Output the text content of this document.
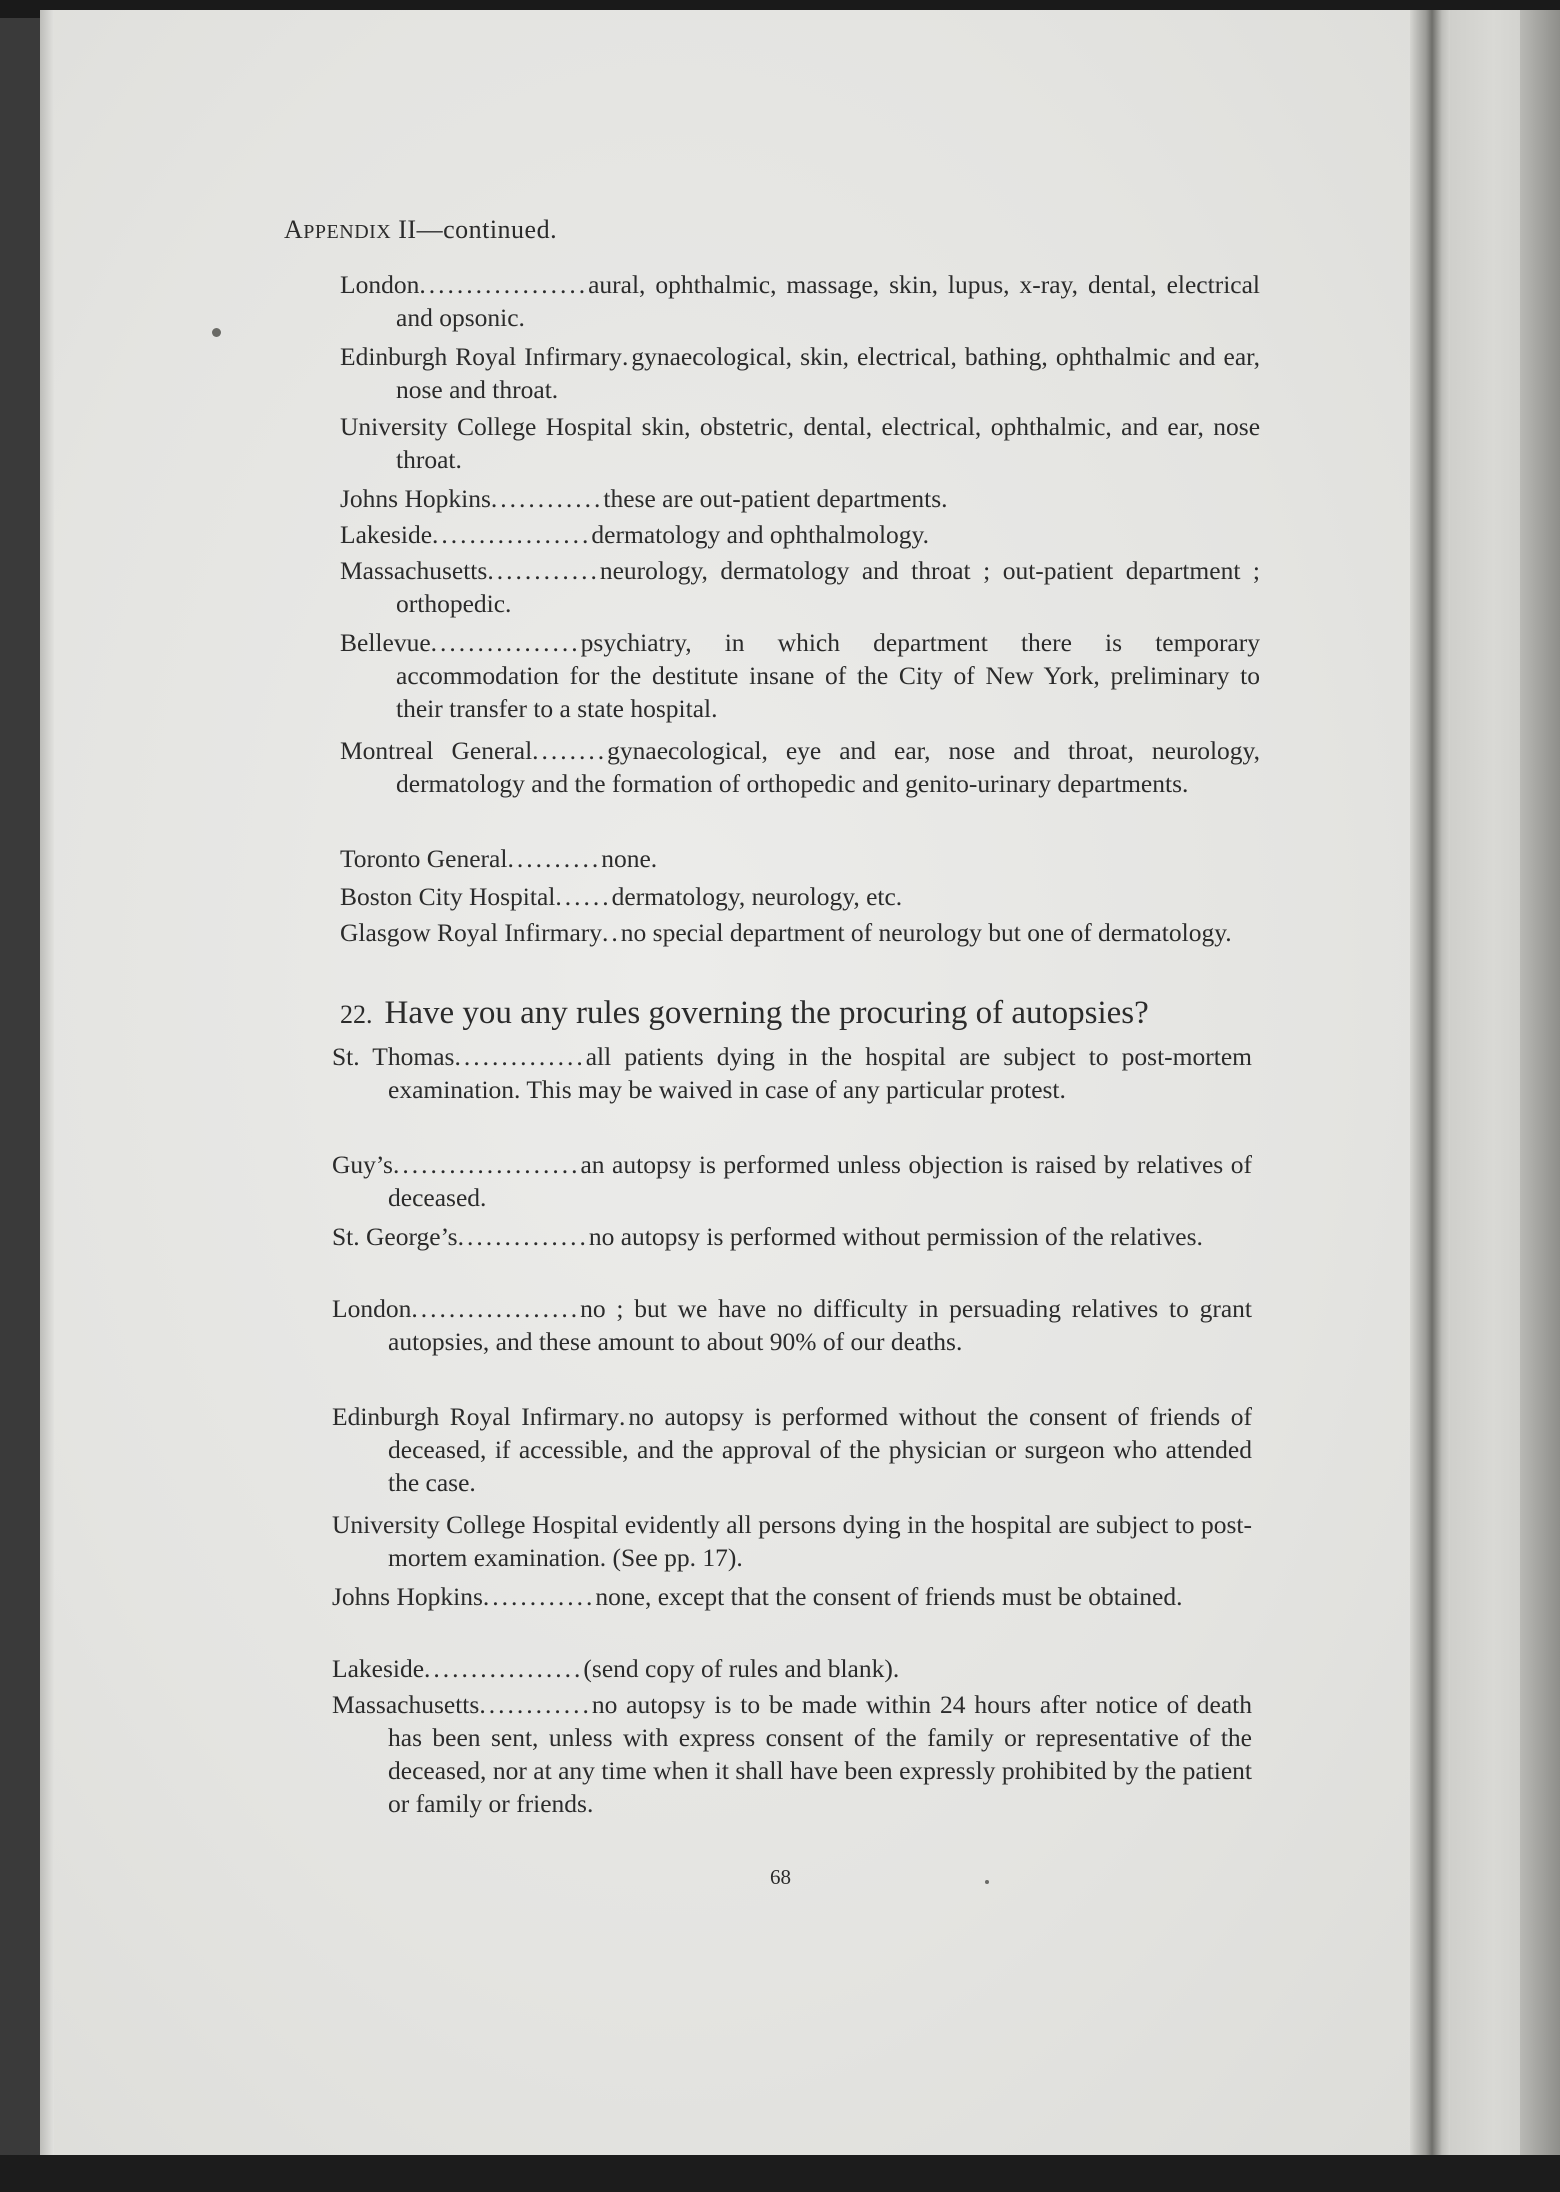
APPENDIX II—continued.
London..................aural, ophthalmic, massage, skin, lupus, x-ray, dental, electrical and opsonic.
Edinburgh Royal Infirmary.gynaecological, skin, electrical, bathing, ophthalmic and ear, nose and throat.
University College Hospital skin, obstetric, dental, electrical, ophthalmic, and ear, nose throat.
Johns Hopkins............these are out-patient departments.
Lakeside.................dermatology and ophthalmology.
Massachusetts............neurology, dermatology and throat ; out-patient department ; orthopedic.
Bellevue................psychiatry, in which department there is temporary accommodation for the destitute insane of the City of New York, preliminary to their transfer to a state hospital.
Montreal General........gynaecological, eye and ear, nose and throat, neurology, dermatology and the formation of orthopedic and genito-urinary departments.
Toronto General..........none.
Boston City Hospital......dermatology, neurology, etc.
Glasgow Royal Infirmary..no special department of neurology but one of dermatology.
22. Have you any rules governing the procuring of autopsies?
St. Thomas..............all patients dying in the hospital are subject to post-mortem examination. This may be waived in case of any particular protest.
Guy’s....................an autopsy is performed unless objection is raised by relatives of deceased.
St. George’s..............no autopsy is performed without permission of the relatives.
London..................no ; but we have no difficulty in persuading relatives to grant autopsies, and these amount to about 90% of our deaths.
Edinburgh Royal Infirmary.no autopsy is performed without the consent of friends of deceased, if accessible, and the approval of the physician or surgeon who attended the case.
University College Hospital evidently all persons dying in the hospital are subject to post-mortem examination. (See pp. 17).
Johns Hopkins............none, except that the consent of friends must be obtained.
Lakeside.................(send copy of rules and blank).
Massachusetts............no autopsy is to be made within 24 hours after notice of death has been sent, unless with express consent of the family or representative of the deceased, nor at any time when it shall have been expressly prohibited by the patient or family or friends.
68
